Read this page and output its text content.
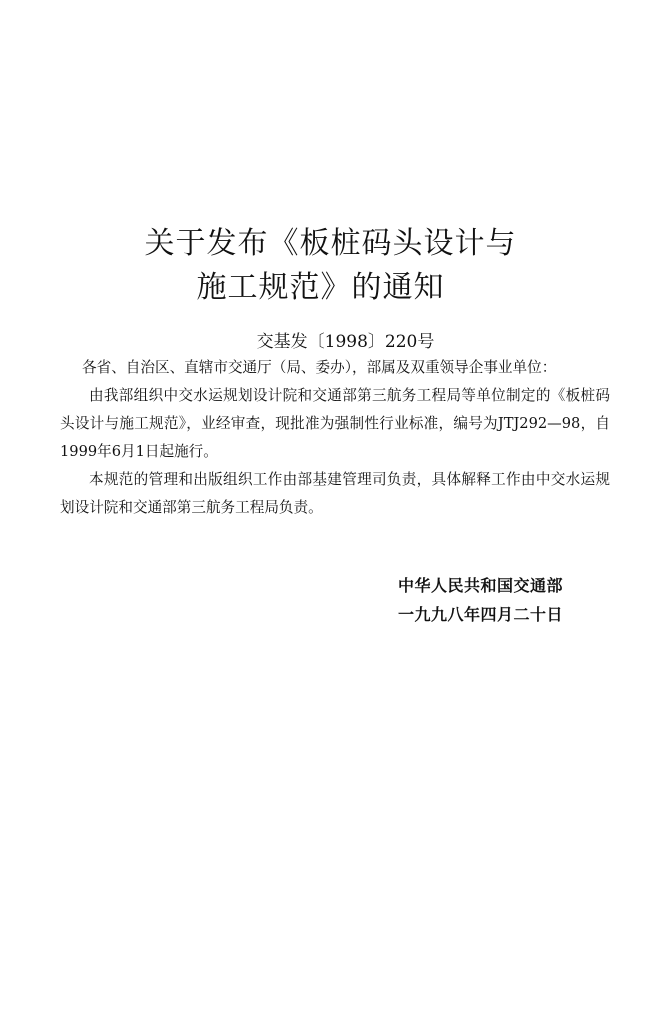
关于发布《板桩码头设计与
施工规范》的通知
交基发〔1998〕220号

各省、自治区、直辖市交通厅（局、委办），部属及双重领导企事业单位：

由我部组织中交水运规划设计院和交通部第三航务工程局等单位制定的《板桩码头设计与施工规范》，业经审查，现批准为强制性行业标准，编号为JTJ292—98，自1999年6月1日起施行。

本规范的管理和出版组织工作由部基建管理司负责，具体解释工作由中交水运规划设计院和交通部第三航务工程局负责。

中华人民共和国交通部
一九九八年四月二十日
